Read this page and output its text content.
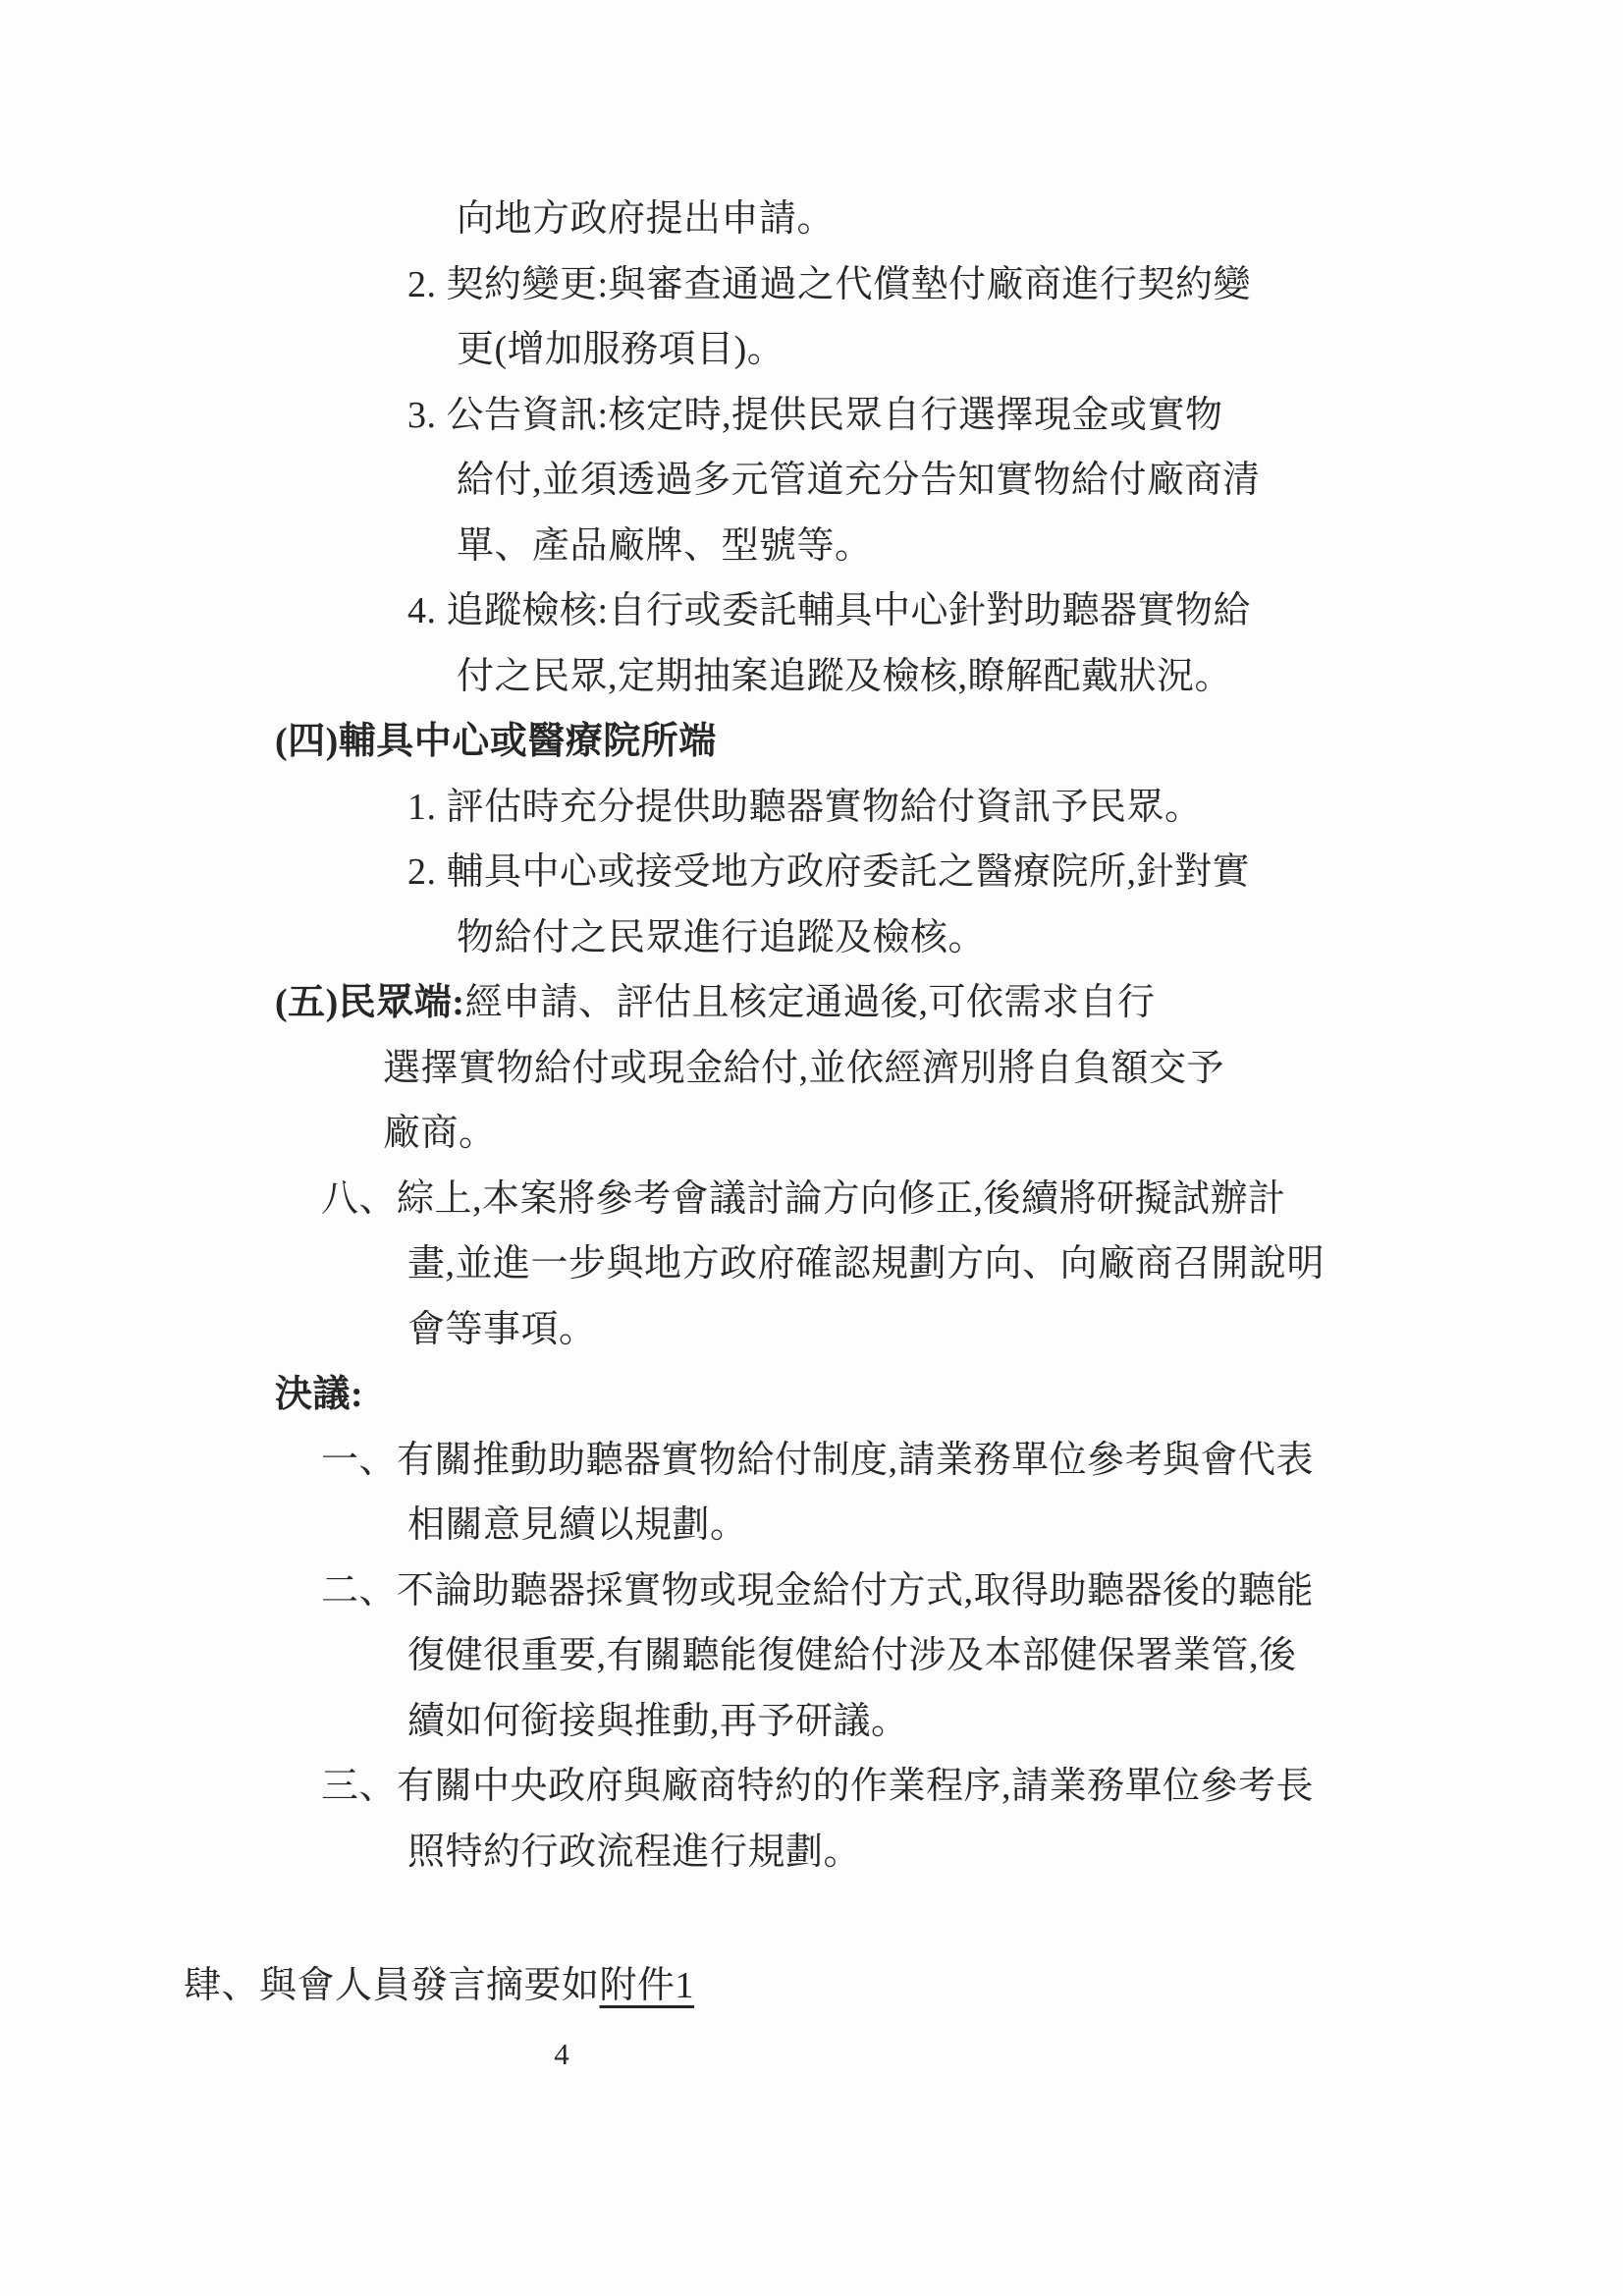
向地方政府提出申請。
2. 契約變更:與審查通過之代償墊付廠商進行契約變
更(增加服務項目)。
3. 公告資訊:核定時,提供民眾自行選擇現金或實物
給付,並須透過多元管道充分告知實物給付廠商清
單、產品廠牌、型號等。
4. 追蹤檢核:自行或委託輔具中心針對助聽器實物給
付之民眾,定期抽案追蹤及檢核,瞭解配戴狀況。
(四)輔具中心或醫療院所端
1. 評估時充分提供助聽器實物給付資訊予民眾。
2. 輔具中心或接受地方政府委託之醫療院所,針對實
物給付之民眾進行追蹤及檢核。
(五)民眾端:經申請、評估且核定通過後,可依需求自行
選擇實物給付或現金給付,並依經濟別將自負額交予
廠商。
八、綜上,本案將參考會議討論方向修正,後續將研擬試辦計
畫,並進一步與地方政府確認規劃方向、向廠商召開說明
會等事項。
決議:
一、有關推動助聽器實物給付制度,請業務單位參考與會代表
相關意見續以規劃。
二、不論助聽器採實物或現金給付方式,取得助聽器後的聽能
復健很重要,有關聽能復健給付涉及本部健保署業管,後
續如何銜接與推動,再予研議。
三、有關中央政府與廠商特約的作業程序,請業務單位參考長
照特約行政流程進行規劃。
肆、與會人員發言摘要如附件1
4
